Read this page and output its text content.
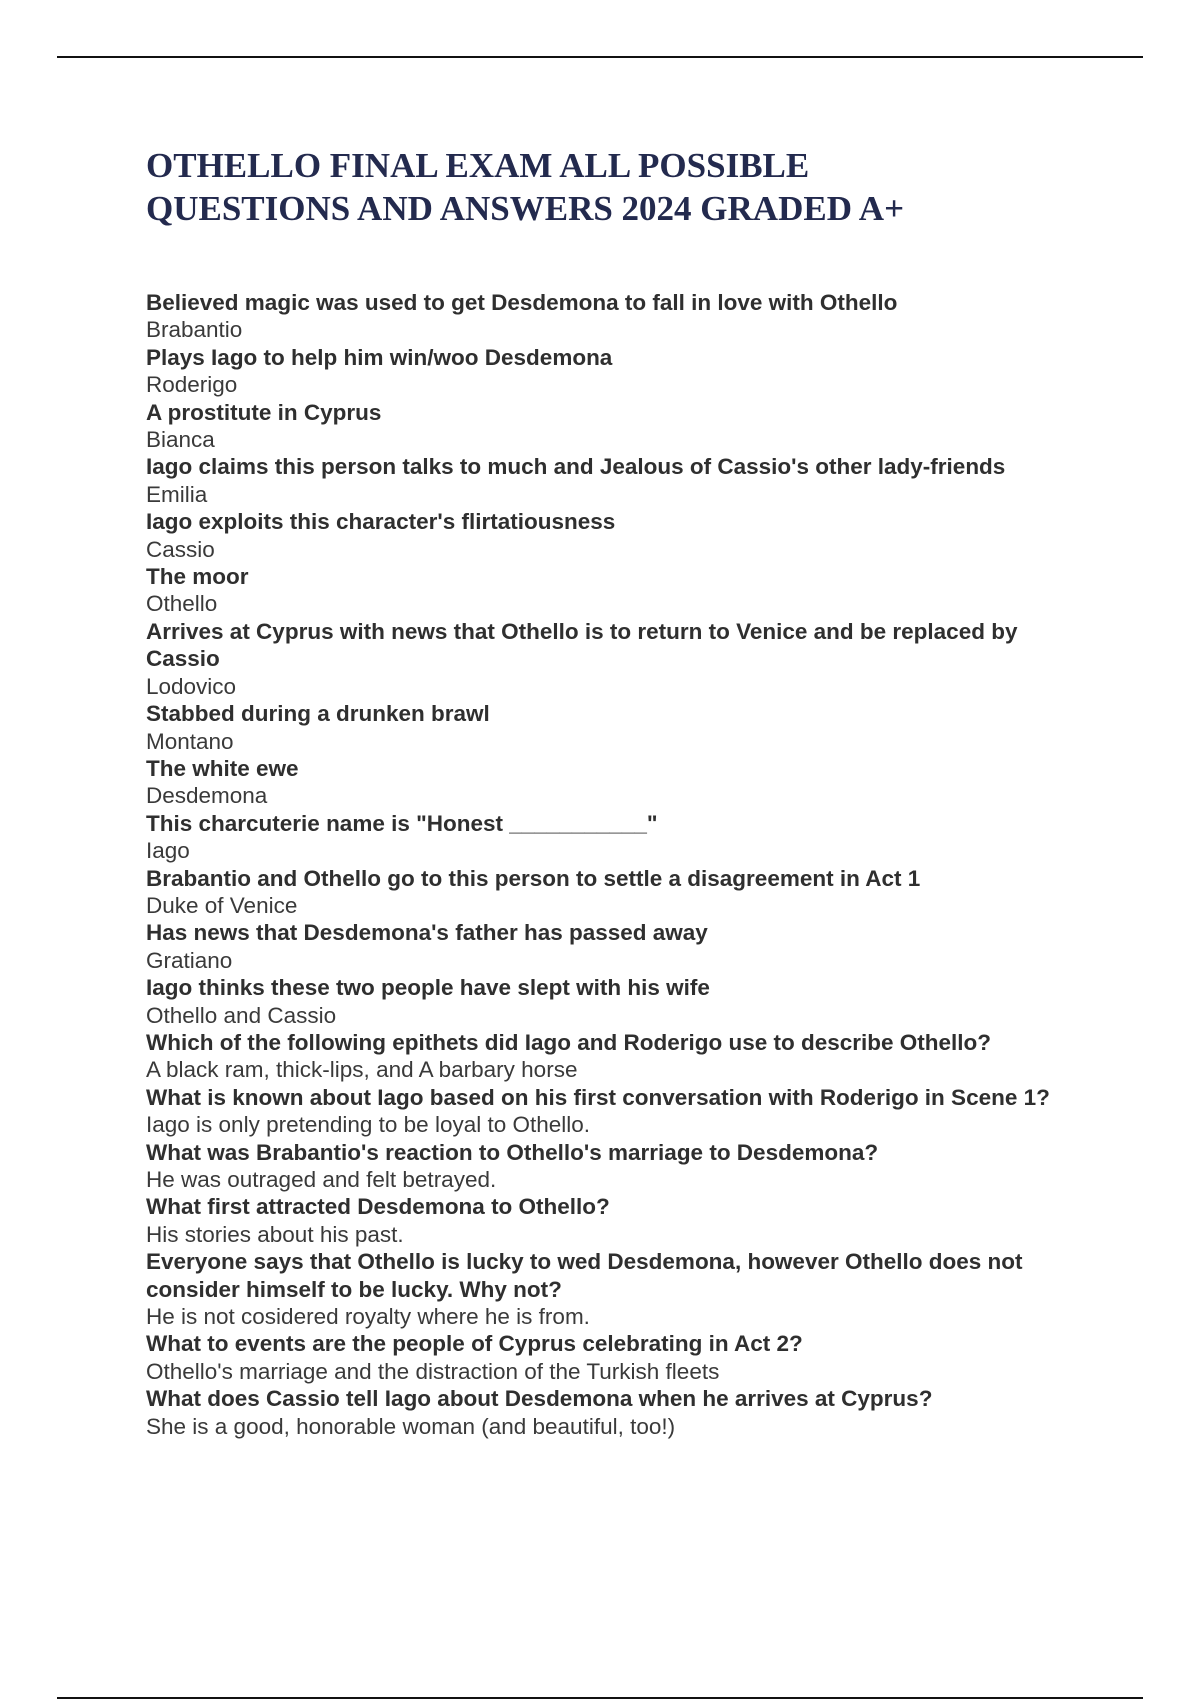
OTHELLO FINAL EXAM ALL POSSIBLE
QUESTIONS AND ANSWERS 2024 GRADED A+
Believed magic was used to get Desdemona to fall in love with Othello
Brabantio
Plays Iago to help him win/woo Desdemona
Roderigo
A prostitute in Cyprus
Bianca
Iago claims this person talks to much and Jealous of Cassio's other lady-friends
Emilia
Iago exploits this character's flirtatiousness
Cassio
The moor
Othello
Arrives at Cyprus with news that Othello is to return to Venice and be replaced by Cassio
Lodovico
Stabbed during a drunken brawl
Montano
The white ewe
Desdemona
This charcuterie name is "Honest ___________"
Iago
Brabantio and Othello go to this person to settle a disagreement in Act 1
Duke of Venice
Has news that Desdemona's father has passed away
Gratiano
Iago thinks these two people have slept with his wife
Othello and Cassio
Which of the following epithets did Iago and Roderigo use to describe Othello?
A black ram, thick-lips, and A barbary horse
What is known about Iago based on his first conversation with Roderigo in Scene 1?
Iago is only pretending to be loyal to Othello.
What was Brabantio's reaction to Othello's marriage to Desdemona?
He was outraged and felt betrayed.
What first attracted Desdemona to Othello?
His stories about his past.
Everyone says that Othello is lucky to wed Desdemona, however Othello does not consider himself to be lucky. Why not?
He is not cosidered royalty where he is from.
What to events are the people of Cyprus celebrating in Act 2?
Othello's marriage and the distraction of the Turkish fleets
What does Cassio tell Iago about Desdemona when he arrives at Cyprus?
She is a good, honorable woman (and beautiful, too!)
